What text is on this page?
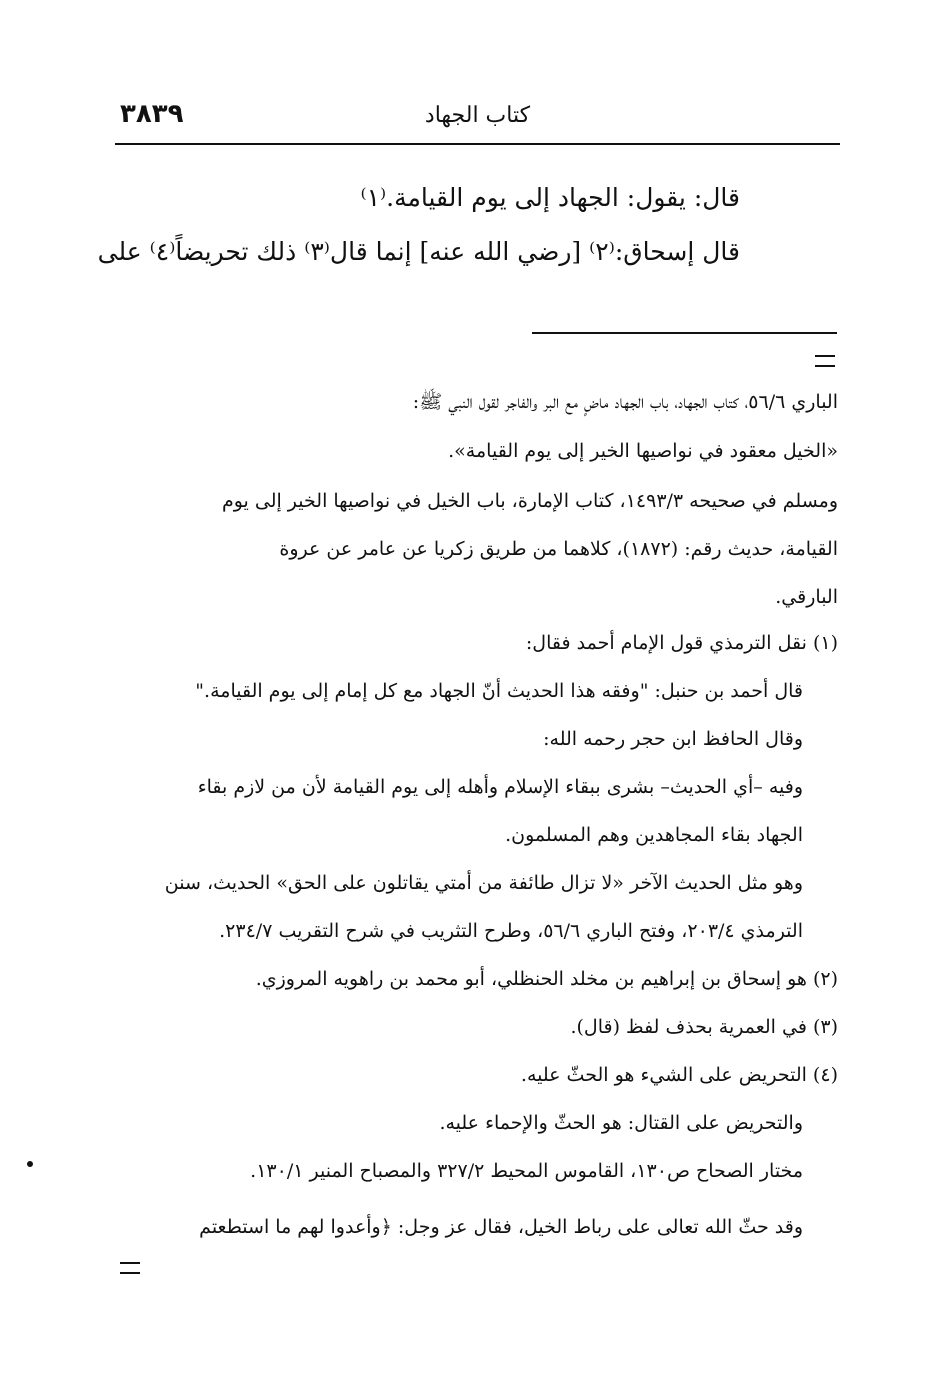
٣٨٣٩	كتاب الجهاد
قال: يقول: الجهاد إلى يوم القيامة.⁽١⁾
قال إسحاق:⁽٢⁾ [رضي الله عنه] إنما قال⁽٣⁾ ذلك تحريضاً⁽٤⁾ على
الباري ٥٦/٦، كتاب الجهاد، باب الجهاد ماضٍ مع البر والفاجر لقول النبي ﷺ:
«الخيل معقود في نواصيها الخير إلى يوم القيامة».
ومسلم في صحيحه ١٤٩٣/٣، كتاب الإمارة، باب الخيل في نواصيها الخير إلى يوم
القيامة، حديث رقم: (١٨٧٢)، كلاهما من طريق زكريا عن عامر عن عروة
البارقي.
(١) نقل الترمذي قول الإمام أحمد فقال:
قال أحمد بن حنبل: "وفقه هذا الحديث أنّ الجهاد مع كل إمام إلى يوم القيامة."
وقال الحافظ ابن حجر رحمه الله:
وفيه –أي الحديث– بشرى ببقاء الإسلام وأهله إلى يوم القيامة لأن من لازم بقاء
الجهاد بقاء المجاهدين وهم المسلمون.
وهو مثل الحديث الآخر «لا تزال طائفة من أمتي يقاتلون على الحق» الحديث، سنن
الترمذي ٢٠٣/٤، وفتح الباري ٥٦/٦، وطرح التثريب في شرح التقريب ٢٣٤/٧.
(٢) هو إسحاق بن إبراهيم بن مخلد الحنظلي، أبو محمد بن راهويه المروزي.
(٣) في العمرية بحذف لفظ (قال).
(٤) التحريض على الشيء هو الحثّ عليه.
والتحريض على القتال: هو الحثّ والإحماء عليه.
مختار الصحاح ص١٣٠، القاموس المحيط ٣٢٧/٢ والمصباح المنير ١٣٠/١.
وقد حثّ الله تعالى على رباط الخيل، فقال عز وجل: ﴿وأعدوا لهم ما استطعتم
